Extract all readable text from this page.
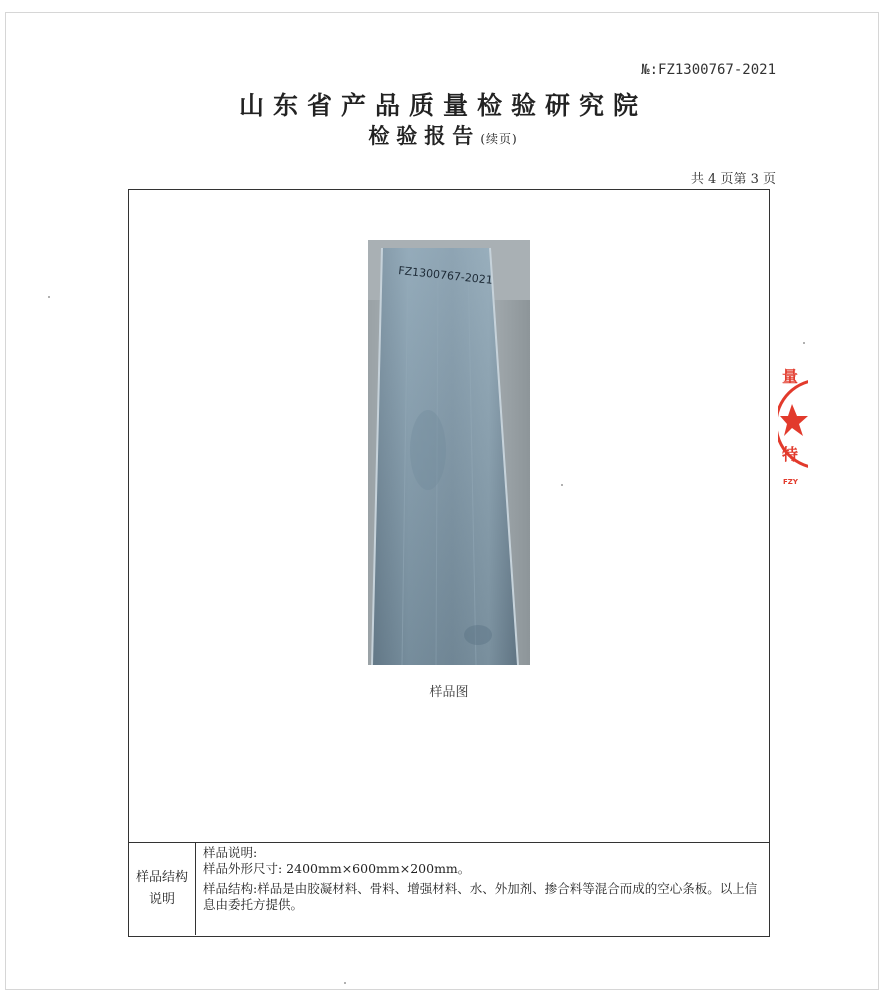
№:FZ1300767-2021
山东省产品质量检验研究院
检验报告(续页)
共 4 页第 3 页
FZ1300767-2021
样品图
样品结构说明
样品说明:
样品外形尺寸: 2400mm×600mm×200mm。
样品结构:样品是由胶凝材料、骨料、增强材料、水、外加剂、掺合料等混合而成的空心条板。以上信息由委托方提供。
量
特
FZY
